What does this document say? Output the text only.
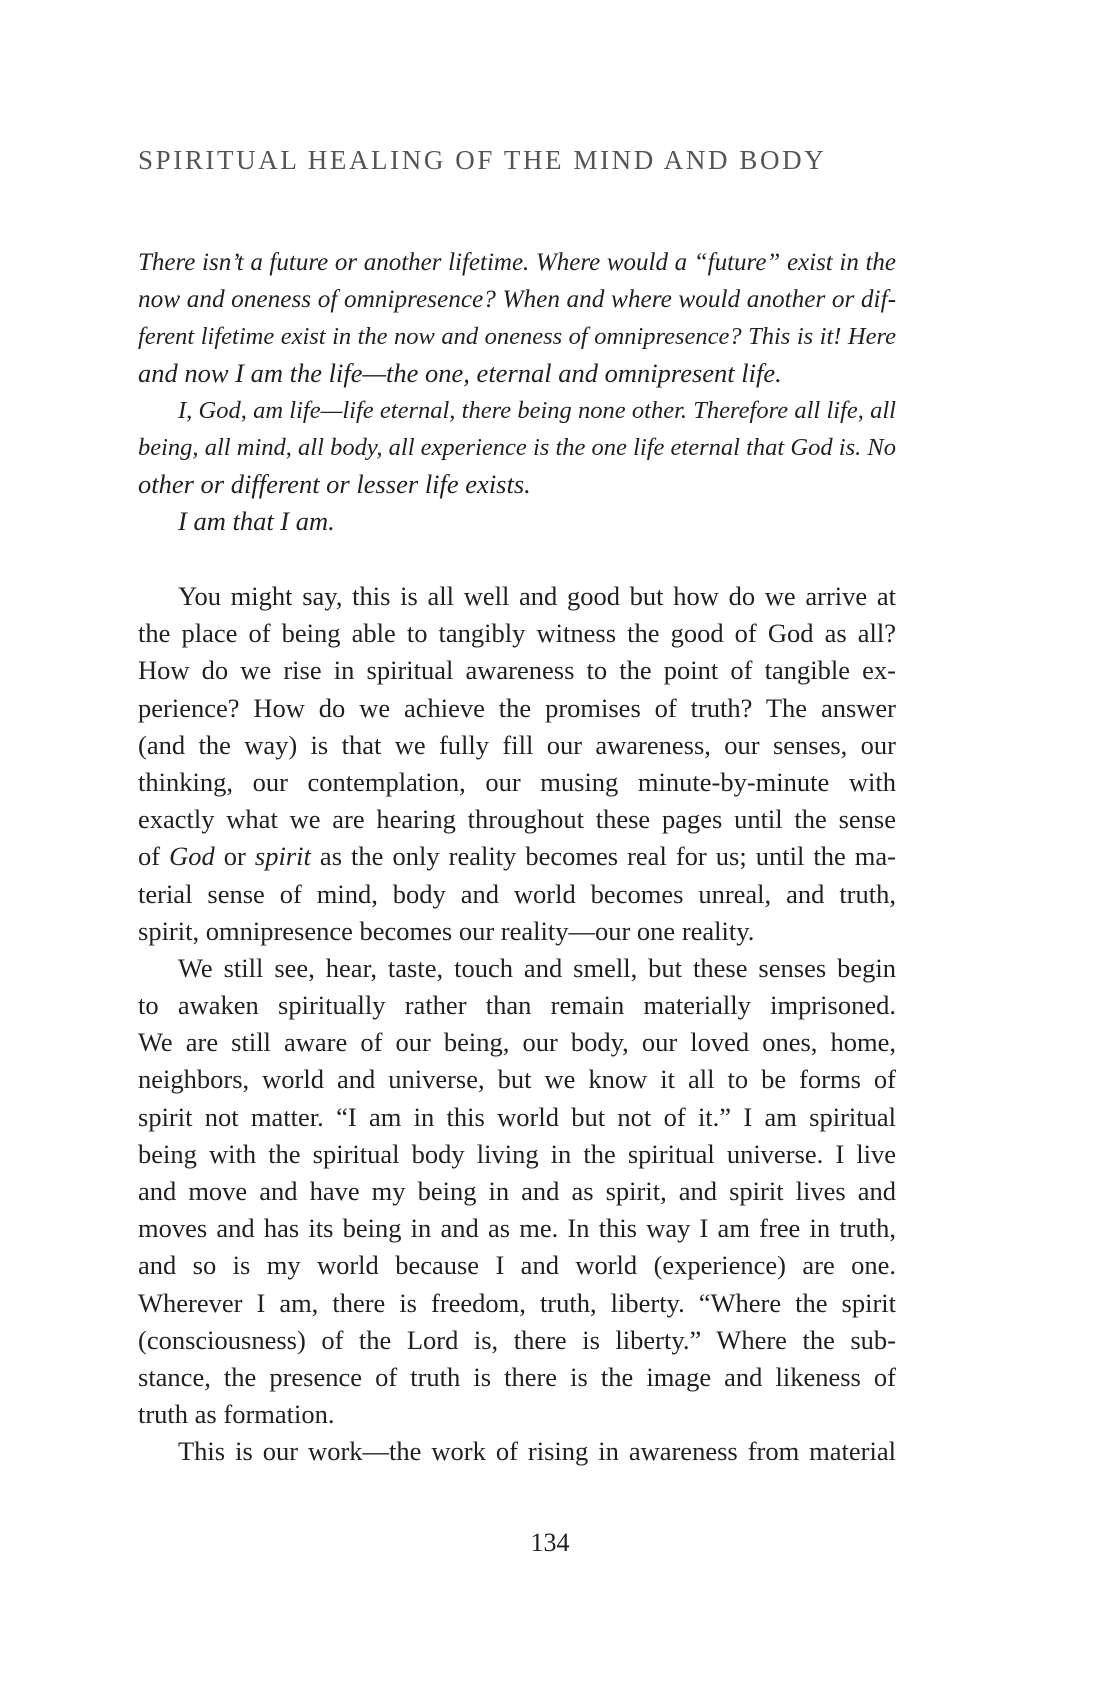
SPIRITUAL HEALING OF THE MIND AND BODY
There isn’t a future or another lifetime. Where would a “future” exist in the
now and oneness of omnipresence? When and where would another or dif-
ferent lifetime exist in the now and oneness of omnipresence? This is it! Here
and now I am the life—the one, eternal and omnipresent life.
I, God, am life—life eternal, there being none other. Therefore all life, all
being, all mind, all body, all experience is the one life eternal that God is. No
other or different or lesser life exists.
I am that I am.
You might say, this is all well and good but how do we arrive at
the place of being able to tangibly witness the good of God as all?
How do we rise in spiritual awareness to the point of tangible ex-
perience? How do we achieve the promises of truth? The answer
(and the way) is that we fully fill our awareness, our senses, our
thinking, our contemplation, our musing minute-by-minute with
exactly what we are hearing throughout these pages until the sense
of God or spirit as the only reality becomes real for us; until the ma-
terial sense of mind, body and world becomes unreal, and truth,
spirit, omnipresence becomes our reality—our one reality.
We still see, hear, taste, touch and smell, but these senses begin
to awaken spiritually rather than remain materially imprisoned.
We are still aware of our being, our body, our loved ones, home,
neighbors, world and universe, but we know it all to be forms of
spirit not matter. “I am in this world but not of it.” I am spiritual
being with the spiritual body living in the spiritual universe. I live
and move and have my being in and as spirit, and spirit lives and
moves and has its being in and as me. In this way I am free in truth,
and so is my world because I and world (experience) are one.
Wherever I am, there is freedom, truth, liberty. “Where the spirit
(consciousness) of the Lord is, there is liberty.” Where the sub-
stance, the presence of truth is there is the image and likeness of
truth as formation.
This is our work—the work of rising in awareness from material
134
